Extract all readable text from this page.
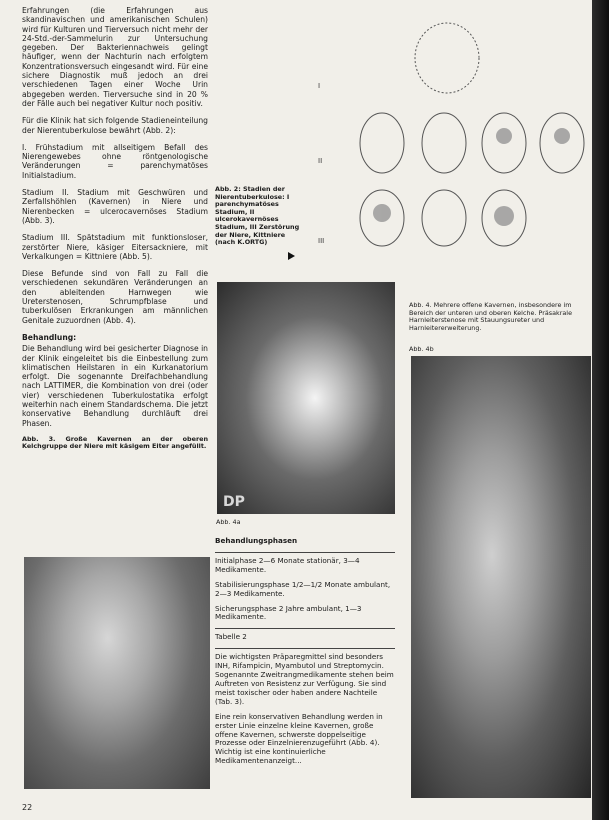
Erfahrungen (die Erfahrungen aus skandinavischen und amerikanischen Schulen) wird für Kulturen und Tierversuch nicht mehr der 24-Std.-der-Sammelurin zur Untersuchung gegeben. Der Bakteriennachweis gelingt häufiger, wenn der Nachturin nach erfolgtem Konzentrationsversuch eingesandt wird. Für eine sichere Diagnostik muß jedoch an drei verschiedenen Tagen einer Woche Urin abgegeben werden. Tierversuche sind in 20 % der Fälle auch bei negativer Kultur noch positiv.

Für die Klinik hat sich folgende Stadieneinteilung der Nierentuberkulose bewährt (Abb. 2):

I. Frühstadium mit allseitigem Befall des Nierengewebes ohne röntgenologische Veränderungen = parenchymatöses Initialstadium.

Stadium II. Stadium mit Geschwüren und Zerfallshöhlen (Kavernen) in Niere und Nierenbecken = ulcerocavernöses Stadium (Abb. 3).

Stadium III. Spätstadium mit funktionsloser, zerstörter Niere, käsiger Eitersackniere, mit Verkalkungen = Kittniere (Abb. 5).

Diese Befunde sind von Fall zu Fall die verschiedenen sekundären Veränderungen an den ableitenden Harnwegen wie Ureterstenosen, Schrumpfblase und tuberkulösen Erkrankungen am männlichen Genitale zuzuordnen (Abb. 4).

Behandlung:

Die Behandlung wird bei gesicherter Diagnose in der Klinik eingeleitet bis die Einbestellung zum klimatischen Heilstaren in ein Kurkanatorium erfolgt. Die sogenannte Dreifachbehandlung nach LATTIMER, die Kombination von drei (oder vier) verschiedenen Tuberkulostatika erfolgt weiterhin nach einem Standardschema. Die jetzt konservative Behandlung durchläuft drei Phasen.

Abb. 3. Große Kavernen an der oberen Kelchgruppe der Niere mit käsigem Eiter angefüllt.

I
II
III
Abb. 2: Stadien der Nierentuberkulose: I parenchymatöses Stadium, II ulcerokavernöses Stadium, III Zerstörung der Niere, Kittniere (nach K.ORTG)
DP
Abb. 4a
Abb. 4. Mehrere offene Kavernen, insbesondere im Bereich der unteren und oberen Kelche. Präsakrale Harnleiterstenose mit Stauungsureter und Harnleitererweiterung.
Abb. 4b

Behandlungsphasen

Initialphase 2—6 Monate stationär, 3—4 Medikamente.

Stabilisierungsphase 1/2—1/2 Monate ambulant, 2—3 Medikamente.

Sicherungsphase 2 Jahre ambulant, 1—3 Medikamente.

Tabelle 2

Die wichtigsten Präparegmittel sind besonders INH, Rifampicin, Myambutol und Streptomycin. Sogenannte Zweitrangmedikamente stehen beim Auftreten von Resistenz zur Verfügung. Sie sind meist toxischer oder haben andere Nachteile (Tab. 3).

Eine rein konservativen Behandlung werden in erster Linie einzelne kleine Kavernen, große offene Kavernen, schwerste doppelseitige Prozesse oder Einzelnierenzugeführt (Abb. 4). Wichtig ist eine kontinuierliche Medikamentenanzeigt...

22
